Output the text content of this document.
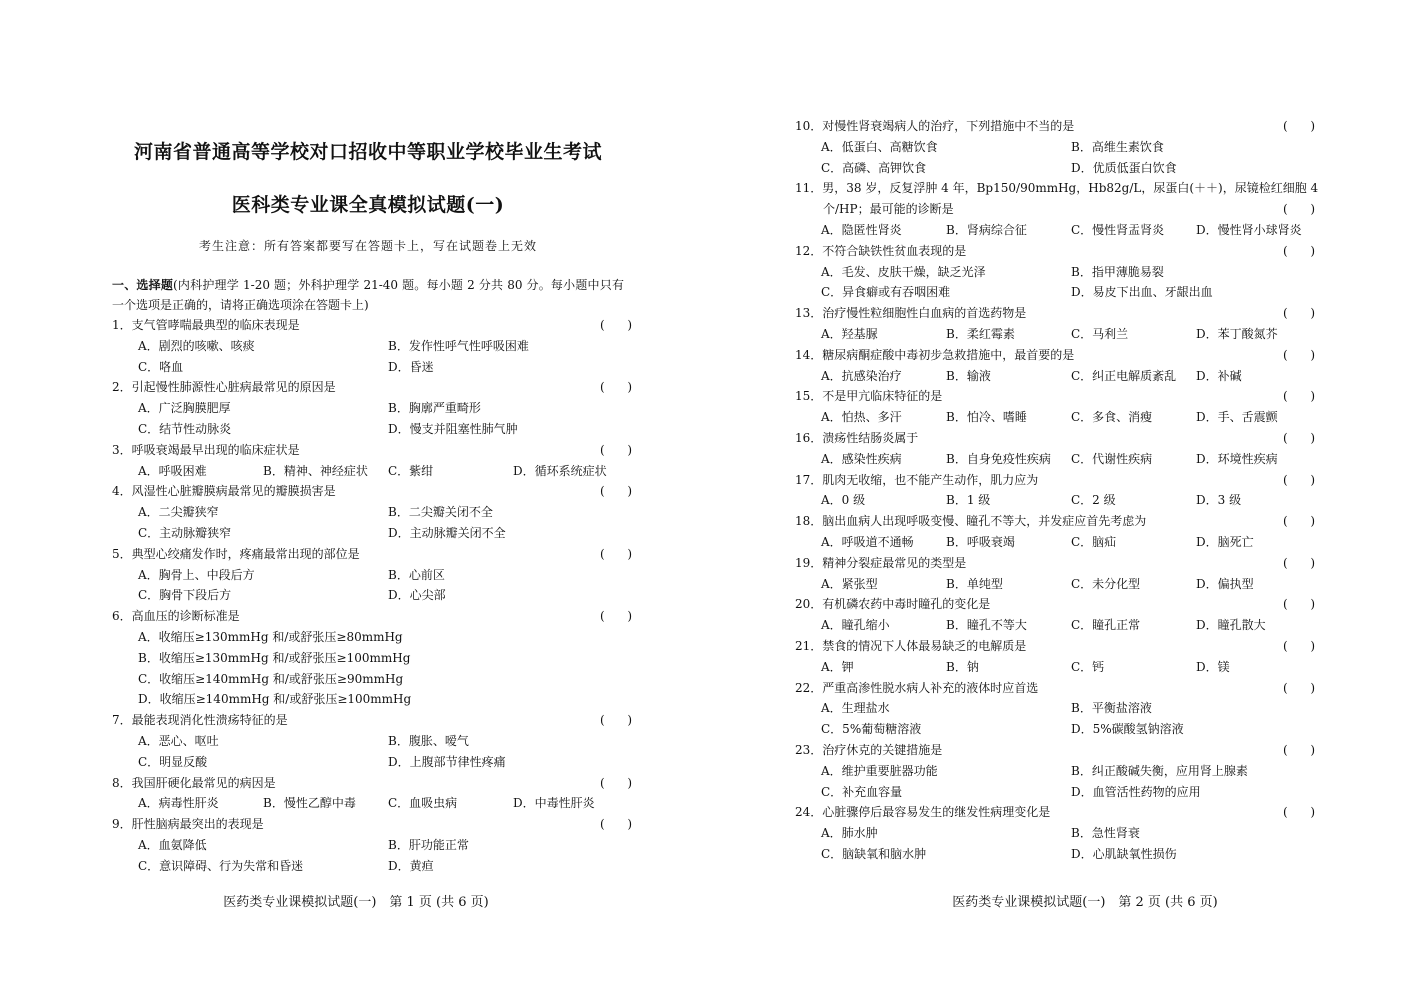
河南省普通高等学校对口招收中等职业学校毕业生考试
医科类专业课全真模拟试题(一)
考生注意：所有答案都要写在答题卡上，写在试题卷上无效
一、选择题(内科护理学 1-20 题；外科护理学 21-40 题。每小题 2 分共 80 分。每小题中只有一个选项是正确的，请将正确选项涂在答题卡上)
1．支气管哮喘最典型的临床表现是	( )
A．剧烈的咳嗽、咳痰	B．发作性呼气性呼吸困难
C．咯血	D．昏迷
2．引起慢性肺源性心脏病最常见的原因是	( )
A．广泛胸膜肥厚	B．胸廓严重畸形
C．结节性动脉炎	D．慢支并阻塞性肺气肿
3．呼吸衰竭最早出现的临床症状是	( )
A．呼吸困难	B．精神、神经症状 C．紫绀	D．循环系统症状
4．风湿性心脏瓣膜病最常见的瓣膜损害是	( )
A．二尖瓣狭窄	B．二尖瓣关闭不全
C．主动脉瓣狭窄	D．主动脉瓣关闭不全
5．典型心绞痛发作时，疼痛最常出现的部位是	( )
A．胸骨上、中段后方	B．心前区
C．胸骨下段后方	D．心尖部
6．高血压的诊断标准是	( )
A．收缩压≥130mmHg 和/或舒张压≥80mmHg
B．收缩压≥130mmHg 和/或舒张压≥100mmHg
C．收缩压≥140mmHg 和/或舒张压≥90mmHg
D．收缩压≥140mmHg 和/或舒张压≥100mmHg
7．最能表现消化性溃疡特征的是	( )
A．恶心、呕吐	B．腹胀、嗳气
C．明显反酸	D．上腹部节律性疼痛
8．我国肝硬化最常见的病因是	( )
A．病毒性肝炎	B．慢性乙醇中毒	C．血吸虫病	D．中毒性肝炎
9．肝性脑病最突出的表现是	( )
A．血氨降低	B．肝功能正常
C．意识障碍、行为失常和昏迷	D．黄疸
医药类专业课模拟试题(一)　第 1 页 (共 6 页)
10．对慢性肾衰竭病人的治疗，下列措施中不当的是	( )
A．低蛋白、高糖饮食	B．高维生素饮食
C．高磷、高钾饮食	D．优质低蛋白饮食
11．男，38 岁，反复浮肿 4 年，Bp150/90mmHg，Hb82g/L，尿蛋白(＋＋)，尿镜检红细胞 4
个/HP；最可能的诊断是	( )
A．隐匿性肾炎	B．肾病综合征	C．慢性肾盂肾炎	D．慢性肾小球肾炎
12．不符合缺铁性贫血表现的是	( )
A．毛发、皮肤干燥，缺乏光泽	B．指甲薄脆易裂
C．异食癖或有吞咽困难	D．易皮下出血、牙龈出血
13．治疗慢性粒细胞性白血病的首选药物是	( )
A．羟基脲	B．柔红霉素	C．马利兰	D．苯丁酸氮芥
14．糖尿病酮症酸中毒初步急救措施中，最首要的是	( )
A．抗感染治疗	B．输液	C．纠正电解质紊乱 D．补碱
15．不是甲亢临床特征的是	( )
A．怕热、多汗	B．怕冷、嗜睡	C．多食、消瘦	D．手、舌震颤
16．溃疡性结肠炎属于	( )
A．感染性疾病	B．自身免疫性疾病 C．代谢性疾病	D．环境性疾病
17．肌肉无收缩，也不能产生动作，肌力应为	( )
A．0 级	B．1 级	C．2 级	D．3 级
18．脑出血病人出现呼吸变慢、瞳孔不等大，并发症应首先考虑为	( )
A．呼吸道不通畅	B．呼吸衰竭	C．脑疝	D．脑死亡
19．精神分裂症最常见的类型是	( )
A．紧张型	B．单纯型	C．未分化型	D．偏执型
20．有机磷农药中毒时瞳孔的变化是	( )
A．瞳孔缩小	B．瞳孔不等大	C．瞳孔正常	D．瞳孔散大
21．禁食的情况下人体最易缺乏的电解质是	( )
A．钾	B．钠	C．钙	D．镁
22．严重高渗性脱水病人补充的液体时应首选	( )
A．生理盐水	B．平衡盐溶液
C．5%葡萄糖溶液	D．5%碳酸氢钠溶液
23．治疗休克的关键措施是	( )
A．维护重要脏器功能	B．纠正酸碱失衡，应用肾上腺素
C．补充血容量	D．血管活性药物的应用
24．心脏骤停后最容易发生的继发性病理变化是	( )
A．肺水肿	B．急性肾衰
C．脑缺氧和脑水肿	D．心肌缺氧性损伤
医药类专业课模拟试题(一)　第 2 页 (共 6 页)
